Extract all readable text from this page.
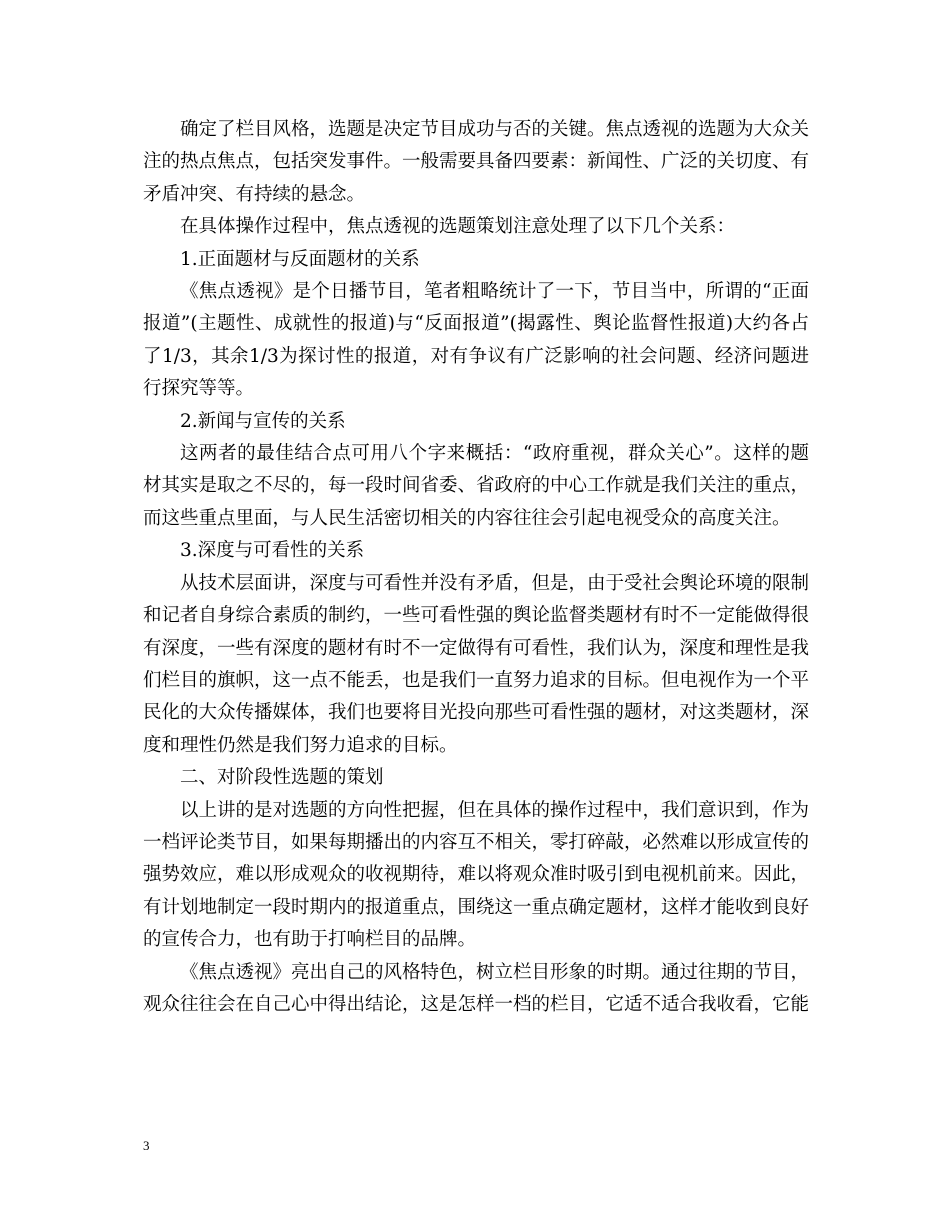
确定了栏目风格，选题是决定节目成功与否的关键。焦点透视的选题为大众关注的热点焦点，包括突发事件。一般需要具备四要素：新闻性、广泛的关切度、有矛盾冲突、有持续的悬念。

在具体操作过程中，焦点透视的选题策划注意处理了以下几个关系：

1.正面题材与反面题材的关系

《焦点透视》是个日播节目，笔者粗略统计了一下，节目当中，所谓的“正面报道”(主题性、成就性的报道)与“反面报道”(揭露性、舆论监督性报道)大约各占了1/3，其余1/3为探讨性的报道，对有争议有广泛影响的社会问题、经济问题进行探究等等。

2.新闻与宣传的关系

这两者的最佳结合点可用八个字来概括：“政府重视，群众关心”。这样的题材其实是取之不尽的，每一段时间省委、省政府的中心工作就是我们关注的重点，而这些重点里面，与人民生活密切相关的内容往往会引起电视受众的高度关注。

3.深度与可看性的关系

从技术层面讲，深度与可看性并没有矛盾，但是，由于受社会舆论环境的限制和记者自身综合素质的制约，一些可看性强的舆论监督类题材有时不一定能做得很有深度，一些有深度的题材有时不一定做得有可看性，我们认为，深度和理性是我们栏目的旗帜，这一点不能丢，也是我们一直努力追求的目标。但电视作为一个平民化的大众传播媒体，我们也要将目光投向那些可看性强的题材，对这类题材，深度和理性仍然是我们努力追求的目标。

二、对阶段性选题的策划

以上讲的是对选题的方向性把握，但在具体的操作过程中，我们意识到，作为一档评论类节目，如果每期播出的内容互不相关，零打碎敲，必然难以形成宣传的强势效应，难以形成观众的收视期待，难以将观众准时吸引到电视机前来。因此，有计划地制定一段时期内的报道重点，围绕这一重点确定题材，这样才能收到良好的宣传合力，也有助于打响栏目的品牌。

《焦点透视》亮出自己的风格特色，树立栏目形象的时期。通过往期的节目，观众往往会在自己心中得出结论，这是怎样一档的栏目，它适不适合我收看，它能

3
